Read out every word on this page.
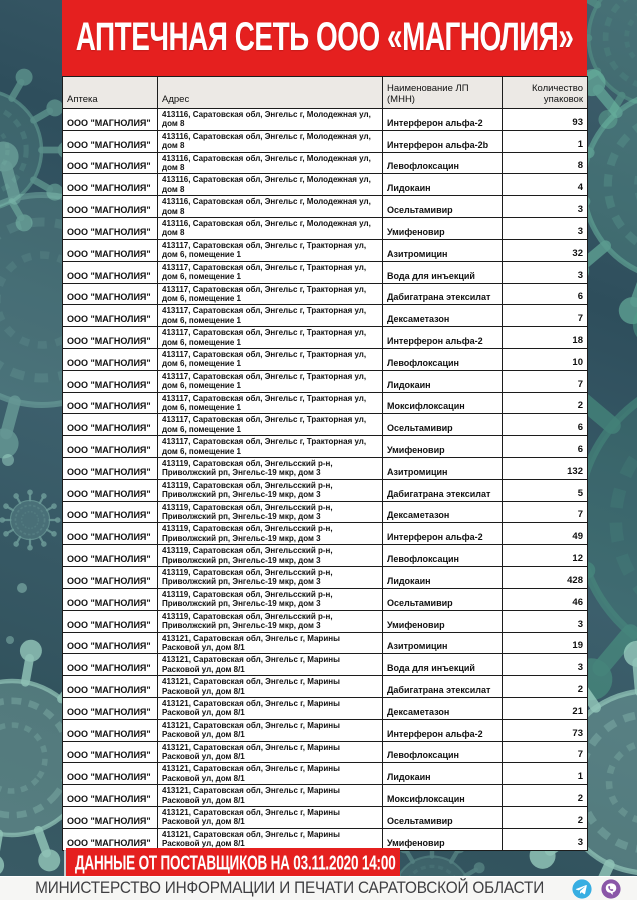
АПТЕЧНАЯ СЕТЬ ООО «МАГНОЛИЯ»
Аптека	Адрес	Наименование ЛП (МНН)	Количество упаковок
ООО "МАГНОЛИЯ"	413116, Саратовская обл, Энгельс г, Молодежная ул, дом 8	Интерферон альфа-2	93
ООО "МАГНОЛИЯ"	413116, Саратовская обл, Энгельс г, Молодежная ул, дом 8	Интерферон альфа-2b	1
ООО "МАГНОЛИЯ"	413116, Саратовская обл, Энгельс г, Молодежная ул, дом 8	Левофлоксацин	8
ООО "МАГНОЛИЯ"	413116, Саратовская обл, Энгельс г, Молодежная ул, дом 8	Лидокаин	4
ООО "МАГНОЛИЯ"	413116, Саратовская обл, Энгельс г, Молодежная ул, дом 8	Осельтамивир	3
ООО "МАГНОЛИЯ"	413116, Саратовская обл, Энгельс г, Молодежная ул, дом 8	Умифеновир	3
ООО "МАГНОЛИЯ"	413117, Саратовская обл, Энгельс г, Тракторная ул, дом 6, помещение 1	Азитромицин	32
ООО "МАГНОЛИЯ"	413117, Саратовская обл, Энгельс г, Тракторная ул, дом 6, помещение 1	Вода для инъекций	3
ООО "МАГНОЛИЯ"	413117, Саратовская обл, Энгельс г, Тракторная ул, дом 6, помещение 1	Дабигатрана этексилат	6
ООО "МАГНОЛИЯ"	413117, Саратовская обл, Энгельс г, Тракторная ул, дом 6, помещение 1	Дексаметазон	7
ООО "МАГНОЛИЯ"	413117, Саратовская обл, Энгельс г, Тракторная ул, дом 6, помещение 1	Интерферон альфа-2	18
ООО "МАГНОЛИЯ"	413117, Саратовская обл, Энгельс г, Тракторная ул, дом 6, помещение 1	Левофлоксацин	10
ООО "МАГНОЛИЯ"	413117, Саратовская обл, Энгельс г, Тракторная ул, дом 6, помещение 1	Лидокаин	7
ООО "МАГНОЛИЯ"	413117, Саратовская обл, Энгельс г, Тракторная ул, дом 6, помещение 1	Моксифлоксацин	2
ООО "МАГНОЛИЯ"	413117, Саратовская обл, Энгельс г, Тракторная ул, дом 6, помещение 1	Осельтамивир	6
ООО "МАГНОЛИЯ"	413117, Саратовская обл, Энгельс г, Тракторная ул, дом 6, помещение 1	Умифеновир	6
ООО "МАГНОЛИЯ"	413119, Саратовская обл, Энгельсский р-н, Приволжский рп, Энгельс-19 мкр, дом 3	Азитромицин	132
ООО "МАГНОЛИЯ"	413119, Саратовская обл, Энгельсский р-н, Приволжский рп, Энгельс-19 мкр, дом 3	Дабигатрана этексилат	5
ООО "МАГНОЛИЯ"	413119, Саратовская обл, Энгельсский р-н, Приволжский рп, Энгельс-19 мкр, дом 3	Дексаметазон	7
ООО "МАГНОЛИЯ"	413119, Саратовская обл, Энгельсский р-н, Приволжский рп, Энгельс-19 мкр, дом 3	Интерферон альфа-2	49
ООО "МАГНОЛИЯ"	413119, Саратовская обл, Энгельсский р-н, Приволжский рп, Энгельс-19 мкр, дом 3	Левофлоксацин	12
ООО "МАГНОЛИЯ"	413119, Саратовская обл, Энгельсский р-н, Приволжский рп, Энгельс-19 мкр, дом 3	Лидокаин	428
ООО "МАГНОЛИЯ"	413119, Саратовская обл, Энгельсский р-н, Приволжский рп, Энгельс-19 мкр, дом 3	Осельтамивир	46
ООО "МАГНОЛИЯ"	413119, Саратовская обл, Энгельсский р-н, Приволжский рп, Энгельс-19 мкр, дом 3	Умифеновир	3
ООО "МАГНОЛИЯ"	413121, Саратовская обл, Энгельс г, Марины Расковой ул, дом 8/1	Азитромицин	19
ООО "МАГНОЛИЯ"	413121, Саратовская обл, Энгельс г, Марины Расковой ул, дом 8/1	Вода для инъекций	3
ООО "МАГНОЛИЯ"	413121, Саратовская обл, Энгельс г, Марины Расковой ул, дом 8/1	Дабигатрана этексилат	2
ООО "МАГНОЛИЯ"	413121, Саратовская обл, Энгельс г, Марины Расковой ул, дом 8/1	Дексаметазон	21
ООО "МАГНОЛИЯ"	413121, Саратовская обл, Энгельс г, Марины Расковой ул, дом 8/1	Интерферон альфа-2	73
ООО "МАГНОЛИЯ"	413121, Саратовская обл, Энгельс г, Марины Расковой ул, дом 8/1	Левофлоксацин	7
ООО "МАГНОЛИЯ"	413121, Саратовская обл, Энгельс г, Марины Расковой ул, дом 8/1	Лидокаин	1
ООО "МАГНОЛИЯ"	413121, Саратовская обл, Энгельс г, Марины Расковой ул, дом 8/1	Моксифлоксацин	2
ООО "МАГНОЛИЯ"	413121, Саратовская обл, Энгельс г, Марины Расковой ул, дом 8/1	Осельтамивир	2
ООО "МАГНОЛИЯ"	413121, Саратовская обл, Энгельс г, Марины Расковой ул, дом 8/1	Умифеновир	3
ДАННЫЕ ОТ ПОСТАВЩИКОВ НА 03.11.2020 14:00
МИНИСТЕРСТВО ИНФОРМАЦИИ И ПЕЧАТИ САРАТОВСКОЙ ОБЛАСТИ
